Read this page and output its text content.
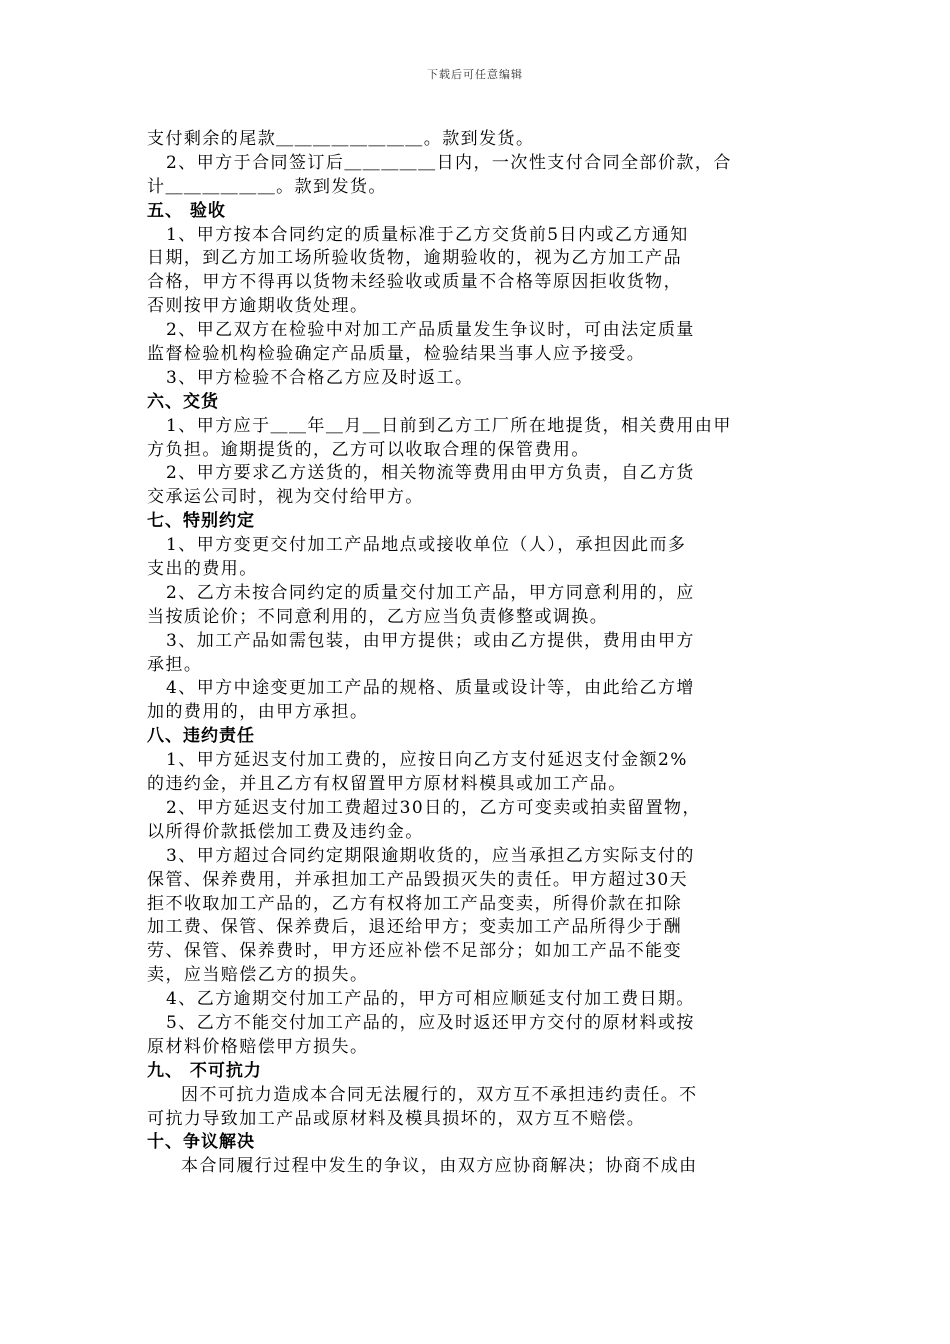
下载后可任意编辑
支付剩余的尾款＿＿＿＿＿＿＿＿。款到发货。
2、甲方于合同签订后＿＿＿＿＿日内，一次性支付合同全部价款，合
计＿＿＿＿＿＿。款到发货。
五、 验收
1、甲方按本合同约定的质量标准于乙方交货前5日内或乙方通知
日期，到乙方加工场所验收货物，逾期验收的，视为乙方加工产品
合格，甲方不得再以货物未经验收或质量不合格等原因拒收货物，
否则按甲方逾期收货处理。
2、甲乙双方在检验中对加工产品质量发生争议时，可由法定质量
监督检验机构检验确定产品质量，检验结果当事人应予接受。
3、甲方检验不合格乙方应及时返工。
六、交货
1、甲方应于＿＿年＿月＿日前到乙方工厂所在地提货，相关费用由甲
方负担。逾期提货的，乙方可以收取合理的保管费用。
2、甲方要求乙方送货的，相关物流等费用由甲方负责，自乙方货
交承运公司时，视为交付给甲方。
七、特别约定
1、甲方变更交付加工产品地点或接收单位（人），承担因此而多
支出的费用。
2、乙方未按合同约定的质量交付加工产品，甲方同意利用的，应
当按质论价；不同意利用的，乙方应当负责修整或调换。
3、加工产品如需包装，由甲方提供；或由乙方提供，费用由甲方
承担。
4、甲方中途变更加工产品的规格、质量或设计等，由此给乙方增
加的费用的，由甲方承担。
八、违约责任
1、甲方延迟支付加工费的，应按日向乙方支付延迟支付金额2%
的违约金，并且乙方有权留置甲方原材料模具或加工产品。
2、甲方延迟支付加工费超过30日的，乙方可变卖或拍卖留置物，
以所得价款抵偿加工费及违约金。
3、甲方超过合同约定期限逾期收货的，应当承担乙方实际支付的
保管、保养费用，并承担加工产品毁损灭失的责任。甲方超过30天
拒不收取加工产品的，乙方有权将加工产品变卖，所得价款在扣除
加工费、保管、保养费后，退还给甲方；变卖加工产品所得少于酬
劳、保管、保养费时，甲方还应补偿不足部分；如加工产品不能变
卖，应当赔偿乙方的损失。
4、乙方逾期交付加工产品的，甲方可相应顺延支付加工费日期。
5、乙方不能交付加工产品的，应及时返还甲方交付的原材料或按
原材料价格赔偿甲方损失。
九、 不可抗力
因不可抗力造成本合同无法履行的，双方互不承担违约责任。不
可抗力导致加工产品或原材料及模具损坏的，双方互不赔偿。
十、争议解决
本合同履行过程中发生的争议，由双方应协商解决；协商不成由
